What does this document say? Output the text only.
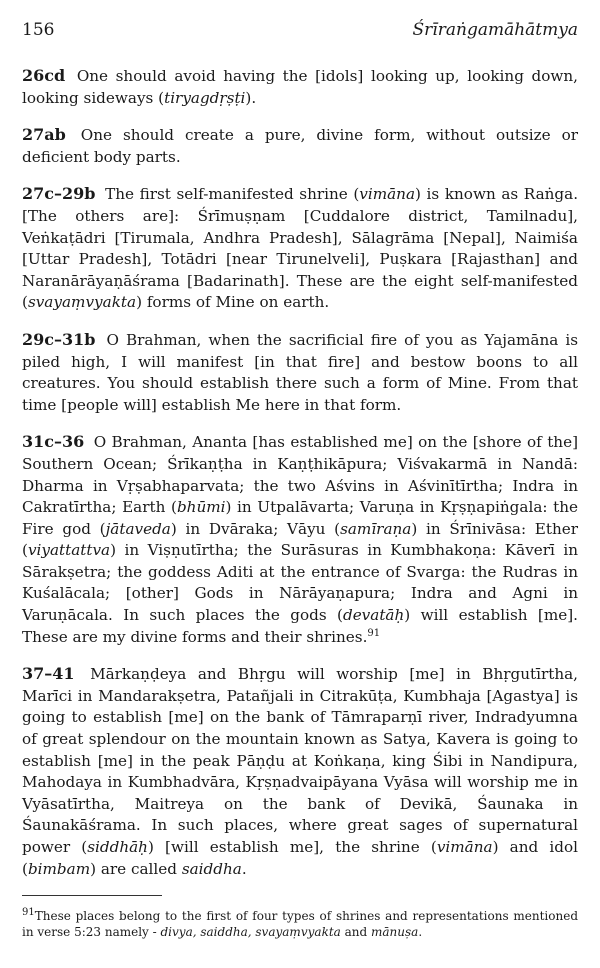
156	Śrīraṅgamāhātmya

26cd One should avoid having the [idols] looking up, looking down, looking sideways (tiryagdṛṣṭi).

27ab One should create a pure, divine form, without outsize or deficient body parts.

27c–29b The first self-manifested shrine (vimāna) is known as Raṅga. [The others are]: Śrīmuṣṇam [Cuddalore district, Tamilnadu], Veṅkaṭādri [Tirumala, Andhra Pradesh], Sālagrāma [Nepal], Naimiśa [Uttar Pradesh], Totādri [near Tirunelveli], Puṣkara [Rajasthan] and Naranārāyaṇāśrama [Badarinath]. These are the eight self-manifested (svayaṃvyakta) forms of Mine on earth.

29c–31b O Brahman, when the sacrificial fire of you as Yajamāna is piled high, I will manifest [in that fire] and bestow boons to all creatures. You should establish there such a form of Mine. From that time [people will] establish Me here in that form.

31c–36 O Brahman, Ananta [has established me] on the [shore of the] Southern Ocean; Śrīkaṇṭha in Kaṇṭhikāpura; Viśvakarmā in Nandā: Dharma in Vṛṣabhaparvata; the two Aśvins in Aśvinītīrtha; Indra in Cakratīrtha; Earth (bhūmi) in Utpalāvarta; Varuṇa in Kṛṣṇapiṅgala: the Fire god (jātaveda) in Dvāraka; Vāyu (samīraṇa) in Śrīnivāsa: Ether (viyattattva) in Viṣṇutīrtha; the Surāsuras in Kumbhakoṇa: Kāverī in Sārakṣetra; the goddess Aditi at the entrance of Svarga: the Rudras in Kuśalācala; [other] Gods in Nārāyaṇapura; Indra and Agni in Varuṇācala. In such places the gods (devatāḥ) will establish [me]. These are my divine forms and their shrines.$^{91}$

37–41 Mārkaṇḍeya and Bhṛgu will worship [me] in Bhṛgutīrtha, Marīci in Mandarakṣetra, Patañjali in Citrakūṭa, Kumbhaja [Agastya] is going to establish [me] on the bank of Tāmraparṇī river, Indradyumna of great splendour on the mountain known as Satya, Kavera is going to establish [me] in the peak Pāṇḍu at Koṅkaṇa, king Śibi in Nandipura, Mahodaya in Kumbhadvāra, Kṛṣṇadvaipāyana Vyāsa will worship me in Vyāsatīrtha, Maitreya on the bank of Devikā, Śaunaka in Śaunakāśrama. In such places, where great sages of supernatural power (siddhāḥ) [will establish me], the shrine (vimāna) and idol (bimbam) are called saiddha.

$^{91}$These places belong to the first of four types of shrines and representations mentioned in verse 5:23 namely - divya, saiddha, svayaṃvyakta and mānuṣa.
